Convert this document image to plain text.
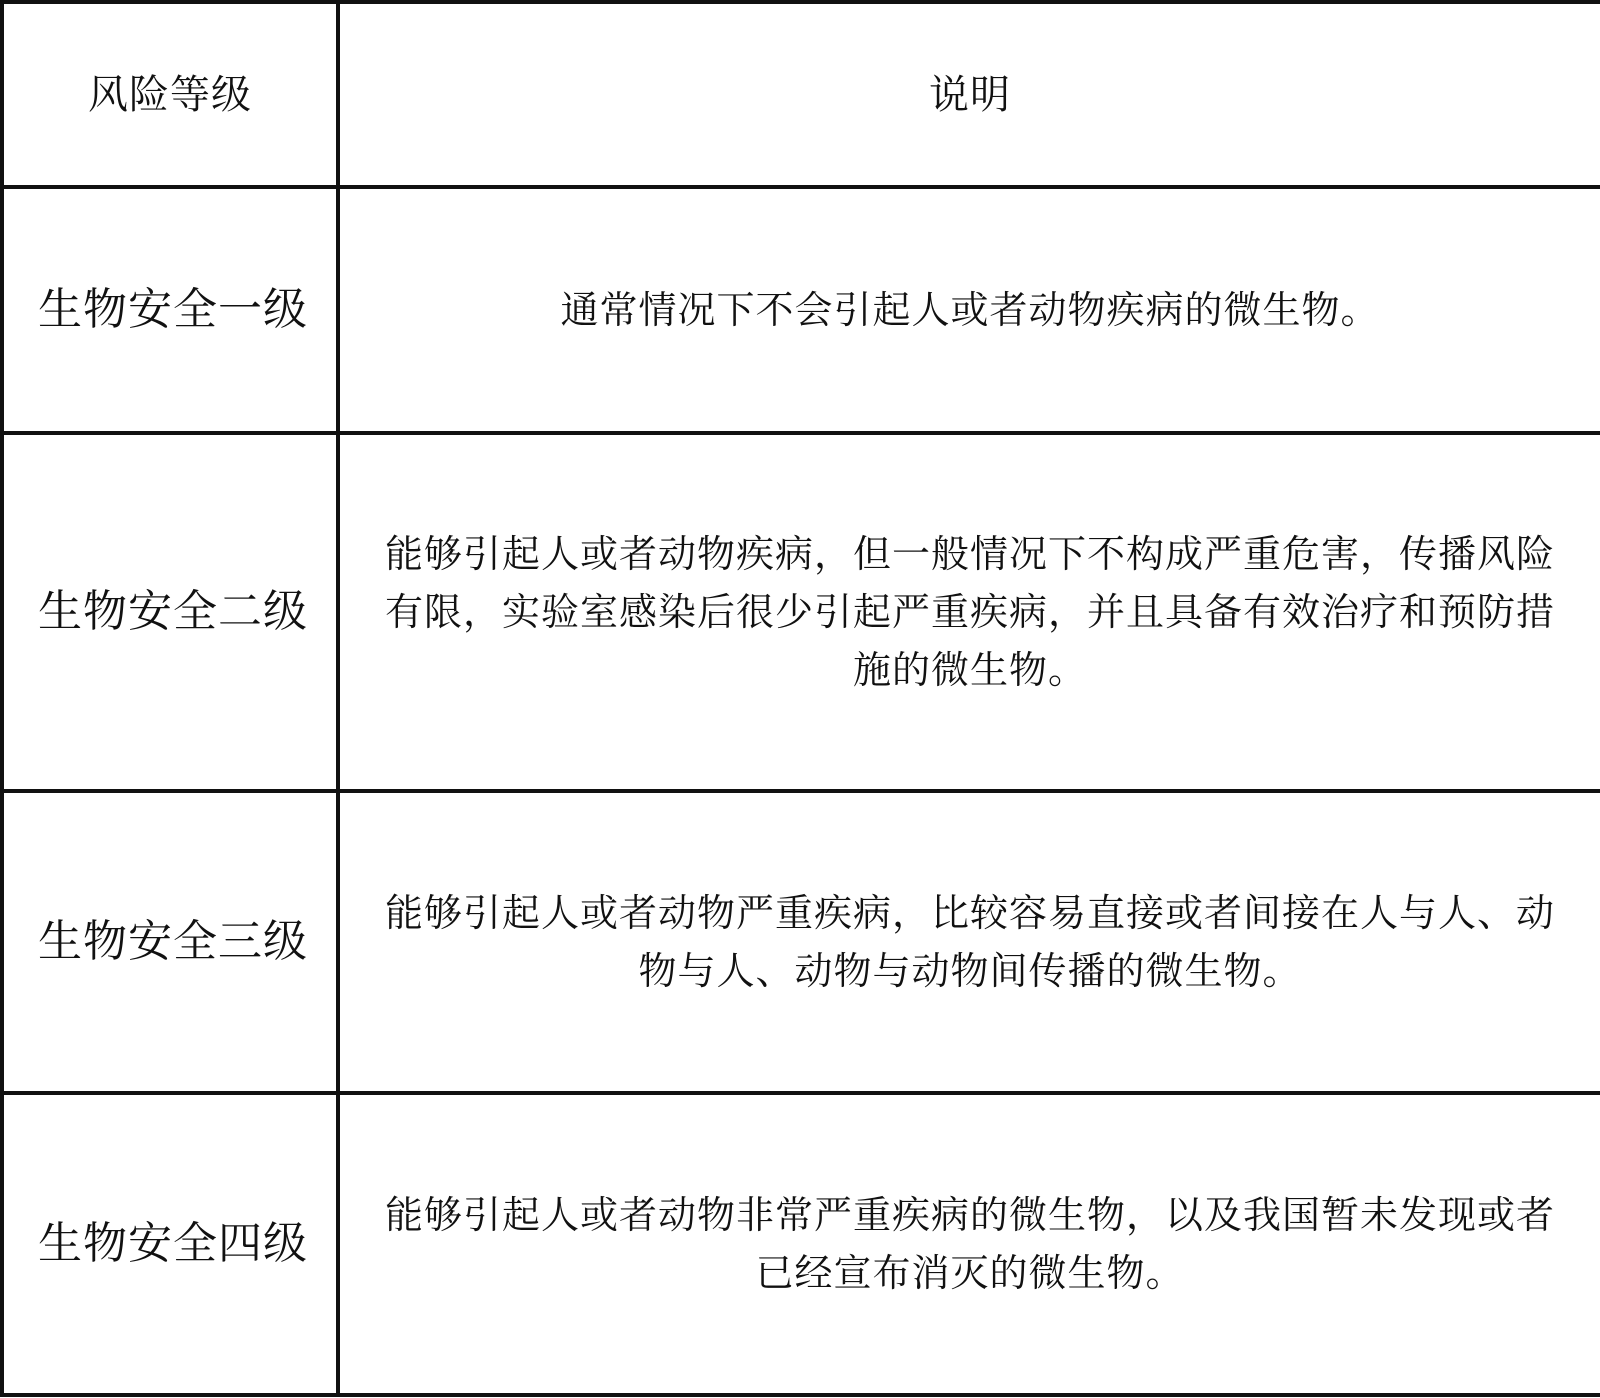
风险等级	说明
生物安全一级	通常情况下不会引起人或者动物疾病的微生物。

生物安全二级	能够引起人或者动物疾病，但一般情况下不构成严重危害，传播风险有限，实验室感染后很少引起严重疾病，并且具备有效治疗和预防措施的微生物。

生物安全三级	能够引起人或者动物严重疾病，比较容易直接或者间接在人与人、动物与人、动物与动物间传播的微生物。

生物安全四级	能够引起人或者动物非常严重疾病的微生物，以及我国暂未发现或者已经宣布消灭的微生物。
